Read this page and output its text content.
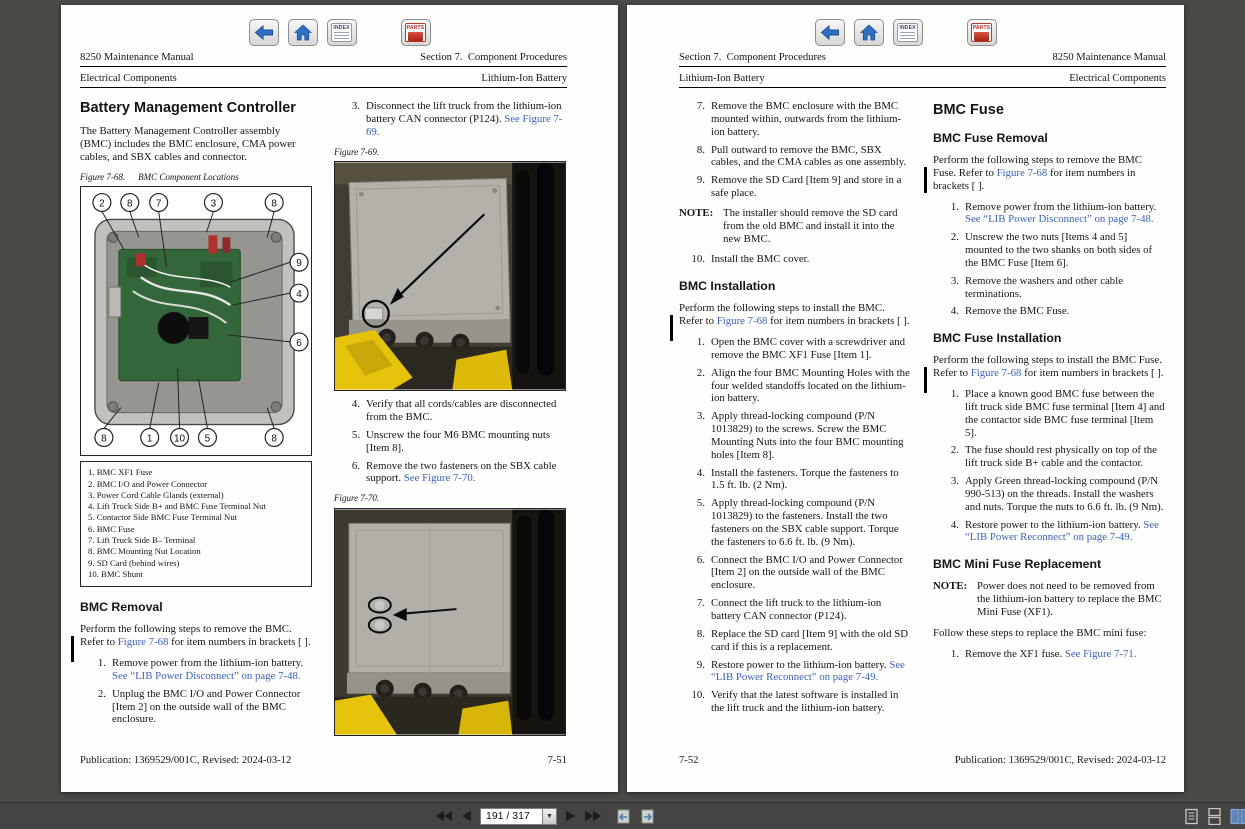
INDEX	PARTS
8250 Maintenance Manual	Section 7.  Component Procedures
Electrical Components	Lithium-Ion Battery
Battery Management Controller

The Battery Management Controller assembly (BMC) includes the BMC enclosure, CMA power cables, and SBX cables and connector.

Figure 7-68. BMC Component Locations
2 8 7	3	8
9
4
6
8	1 10 5	8
1. BMC XF1 Fuse
2. BMC I/O and Power Connector
3. Power Cord Cable Glands (external)
4. Lift Truck Side B+ and BMC Fuse Terminal Nut
5. Contactor Side BMC Fuse Terminal Nut
6. BMC Fuse
7. Lift Truck Side B– Terminal
8. BMC Mounting Nut Location
9. SD Card (behind wires)
10. BMC Shunt
BMC Removal

Perform the following steps to remove the BMC. Refer to Figure 7-68 for item numbers in brackets [ ].

1. Remove power from the lithium-ion battery. See “LIB Power Disconnect” on page 7-48.
2. Unplug the BMC I/O and Power Connector [Item 2] on the outside wall of the BMC enclosure.
3. Disconnect the lift truck from the lithium-ion battery CAN connector (P124). See Figure 7-69.
Figure 7-69.
4. Verify that all cords/cables are disconnected from the BMC.
5. Unscrew the four M6 BMC mounting nuts [Item 8].
6. Remove the two fasteners on the SBX cable support. See Figure 7-70.
Figure 7-70.
Publication: 1369529/001C, Revised: 2024-03-12	7-51
INDEX	PARTS
Section 7.  Component Procedures	8250 Maintenance Manual
Lithium-Ion Battery	Electrical Components
7. Remove the BMC enclosure with the BMC mounted within, outwards from the lithium-ion battery.
8. Pull outward to remove the BMC, SBX cables, and the CMA cables as one assembly.
9. Remove the SD Card [Item 9] and store in a safe place.
NOTE: The installer should remove the SD card from the old BMC and install it into the new BMC.
10. Install the BMC cover.
BMC Installation

Perform the following steps to install the BMC. Refer to Figure 7-68 for item numbers in brackets [ ].

1. Open the BMC cover with a screwdriver and remove the BMC XF1 Fuse [Item 1].
2. Align the four BMC Mounting Holes with the four welded standoffs located on the lithium-ion battery.
3. Apply thread-locking compound (P/N 1013829) to the screws. Screw the BMC Mounting Nuts into the four BMC mounting holes [Item 8].
4. Install the fasteners. Torque the fasteners to 1.5 ft. lb. (2 Nm).
5. Apply thread-locking compound (P/N 1013829) to the fasteners. Install the two fasteners on the SBX cable support. Torque the fasteners to 6.6 ft. lb. (9 Nm).
6. Connect the BMC I/O and Power Connector [Item 2] on the outside wall of the BMC enclosure.
7. Connect the lift truck to the lithium-ion battery CAN connector (P124).
8. Replace the SD card [Item 9] with the old SD card if this is a replacement.
9. Restore power to the lithium-ion battery. See “LIB Power Reconnect” on page 7-49.
10. Verify that the latest software is installed in the lift truck and the lithium-ion battery.
BMC Fuse
BMC Fuse Removal

Perform the following steps to remove the BMC Fuse. Refer to Figure 7-68 for item numbers in brackets [ ].

1. Remove power from the lithium-ion battery. See “LIB Power Disconnect” on page 7-48.
2. Unscrew the two nuts [Items 4 and 5] mounted to the two shanks on both sides of the BMC Fuse [Item 6].
3. Remove the washers and other cable terminations.
4. Remove the BMC Fuse.
BMC Fuse Installation

Perform the following steps to install the BMC Fuse. Refer to Figure 7-68 for item numbers in brackets [ ].

1. Place a known good BMC fuse between the lift truck side BMC fuse terminal [Item 4] and the contactor side BMC fuse terminal [Item 5].
2. The fuse should rest physically on top of the lift truck side B+ cable and the contactor.
3. Apply Green thread-locking compound (P/N 990-513) on the threads. Install the washers and nuts. Torque the nuts to 6.6 ft. lb. (9 Nm).
4. Restore power to the lithium-ion battery. See “LIB Power Reconnect” on page 7-49.
BMC Mini Fuse Replacement
NOTE: Power does not need to be removed from the lithium-ion battery to replace the BMC Mini Fuse (XF1).

Follow these steps to replace the BMC mini fuse:

1. Remove the XF1 fuse. See Figure 7-71.
7-52	Publication: 1369529/001C, Revised: 2024-03-12
191 / 317	▼
